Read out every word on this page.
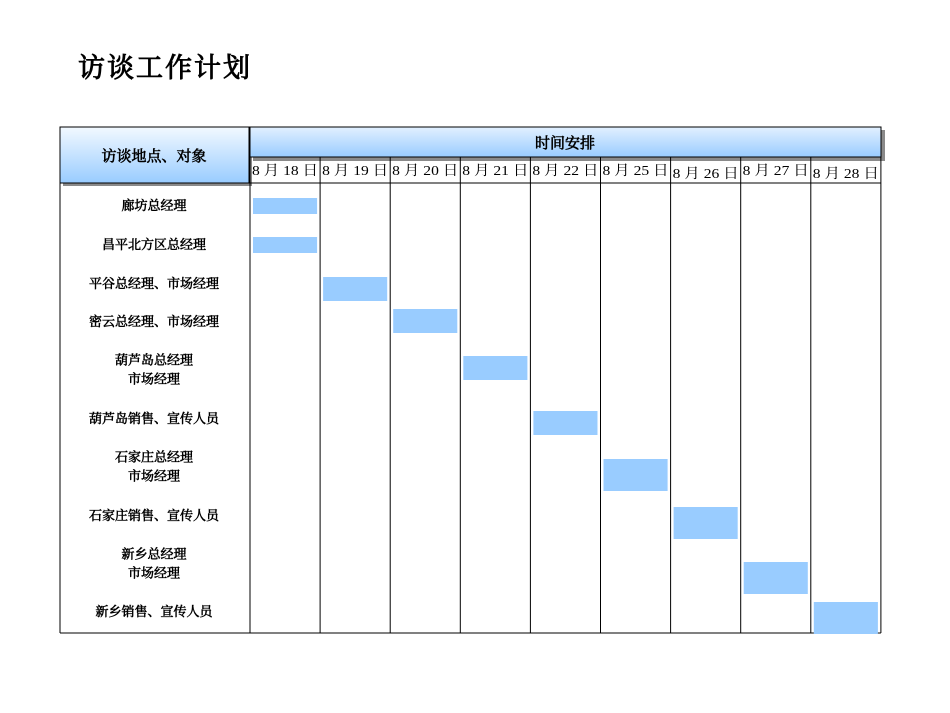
访谈工作计划
访谈地点、对象
时间安排
8 月 18 日 8 月 19 日 8 月 20 日 8 月 21 日 8 月 22 日 8 月 25 日 8 月 26 日 8 月 27 日 8 月 28 日
廊坊总经理
昌平北方区总经理
平谷总经理、市场经理
密云总经理、市场经理
葫芦岛总经理
市场经理
葫芦岛销售、宣传人员
石家庄总经理
市场经理
石家庄销售、宣传人员
新乡总经理
市场经理
新乡销售、宣传人员
